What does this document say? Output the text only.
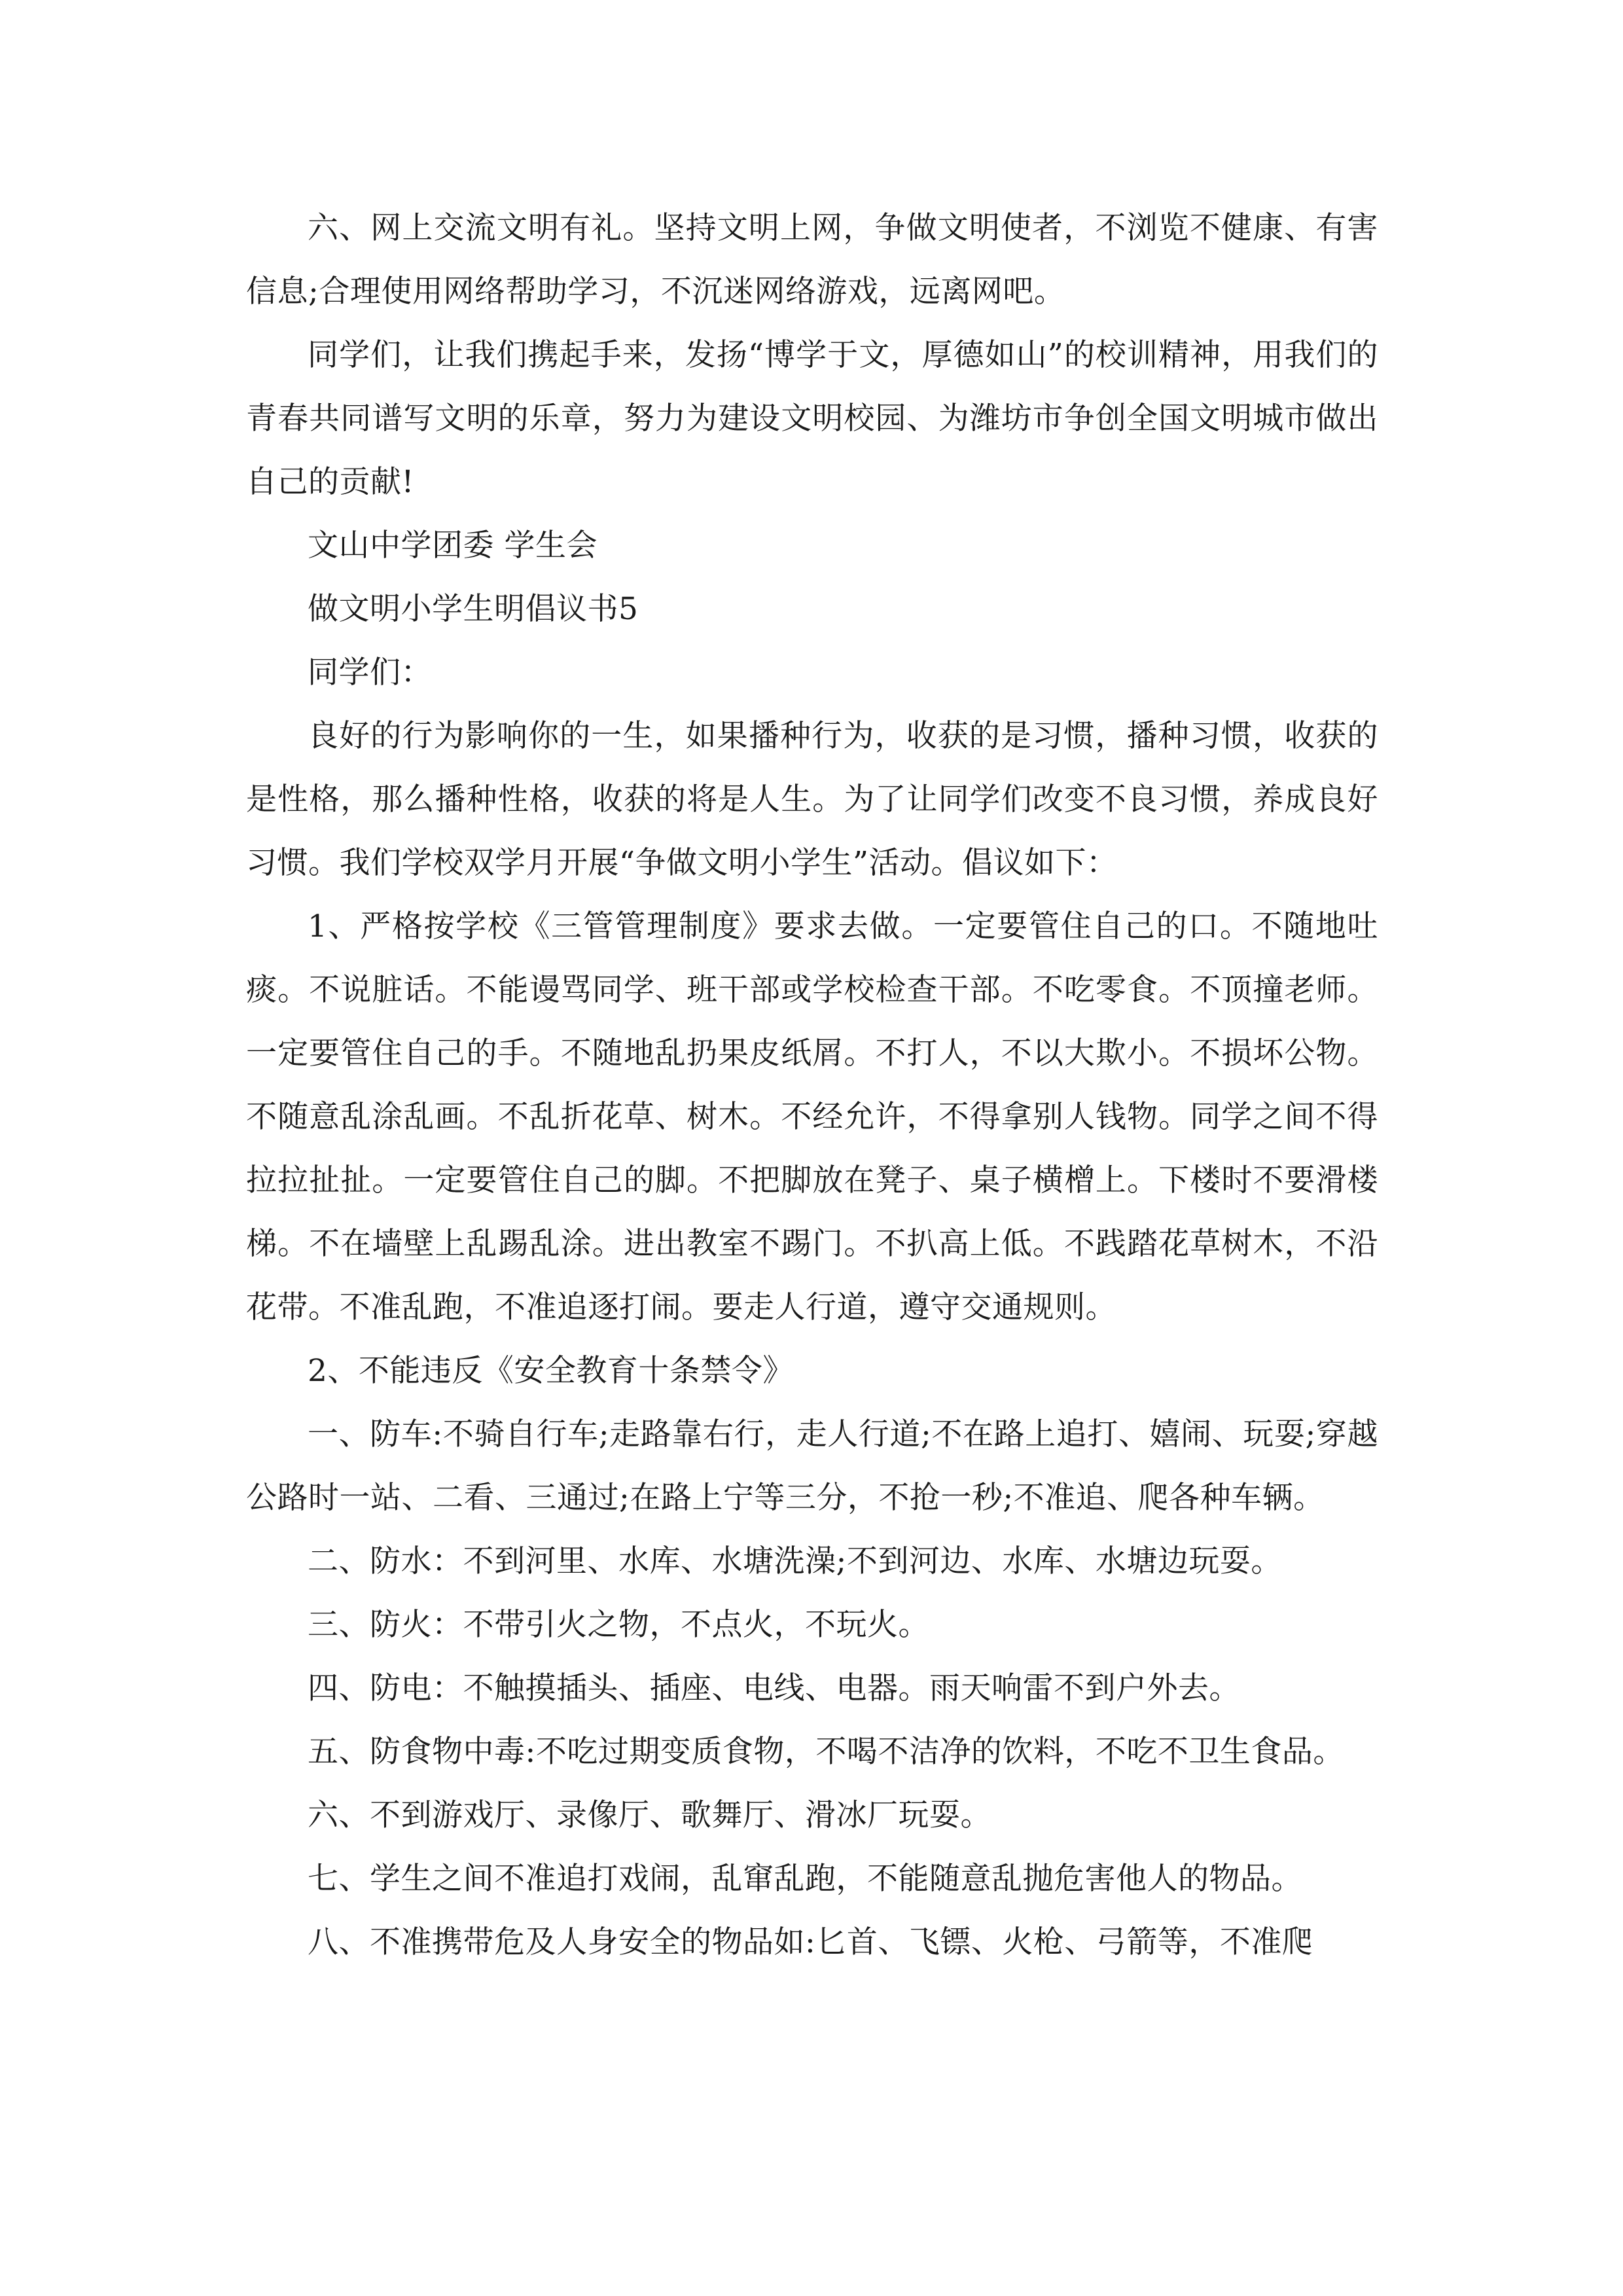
六、网上交流文明有礼。坚持文明上网，争做文明使者，不浏览不健康、有害信息;合理使用网络帮助学习，不沉迷网络游戏，远离网吧。

同学们，让我们携起手来，发扬“博学于文，厚德如山”的校训精神，用我们的青春共同谱写文明的乐章，努力为建设文明校园、为潍坊市争创全国文明城市做出自己的贡献!

文山中学团委 学生会

做文明小学生明倡议书5

同学们：

良好的行为影响你的一生，如果播种行为，收获的是习惯，播种习惯，收获的是性格，那么播种性格，收获的将是人生。为了让同学们改变不良习惯，养成良好习惯。我们学校双学月开展“争做文明小学生”活动。倡议如下：

1、严格按学校《三管管理制度》要求去做。一定要管住自己的口。不随地吐痰。不说脏话。不能谩骂同学、班干部或学校检查干部。不吃零食。不顶撞老师。一定要管住自己的手。不随地乱扔果皮纸屑。不打人，不以大欺小。不损坏公物。不随意乱涂乱画。不乱折花草、树木。不经允许，不得拿别人钱物。同学之间不得拉拉扯扯。一定要管住自己的脚。不把脚放在凳子、桌子横橧上。下楼时不要滑楼梯。不在墙壁上乱踢乱涂。进出教室不踢门。不扒高上低。不践踏花草树木，不沿花带。不准乱跑，不准追逐打闹。要走人行道，遵守交通规则。

2、不能违反《安全教育十条禁令》

一、防车:不骑自行车;走路靠右行，走人行道;不在路上追打、嬉闹、玩耍;穿越公路时一站、二看、三通过;在路上宁等三分，不抢一秒;不准追、爬各种车辆。

二、防水：不到河里、水库、水塘洗澡;不到河边、水库、水塘边玩耍。

三、防火：不带引火之物，不点火，不玩火。

四、防电：不触摸插头、插座、电线、电器。雨天响雷不到户外去。

五、防食物中毒:不吃过期变质食物，不喝不洁净的饮料，不吃不卫生食品。

六、不到游戏厅、录像厅、歌舞厅、滑冰厂玩耍。

七、学生之间不准追打戏闹，乱窜乱跑，不能随意乱抛危害他人的物品。

八、不准携带危及人身安全的物品如:匕首、飞镖、火枪、弓箭等，不准爬
